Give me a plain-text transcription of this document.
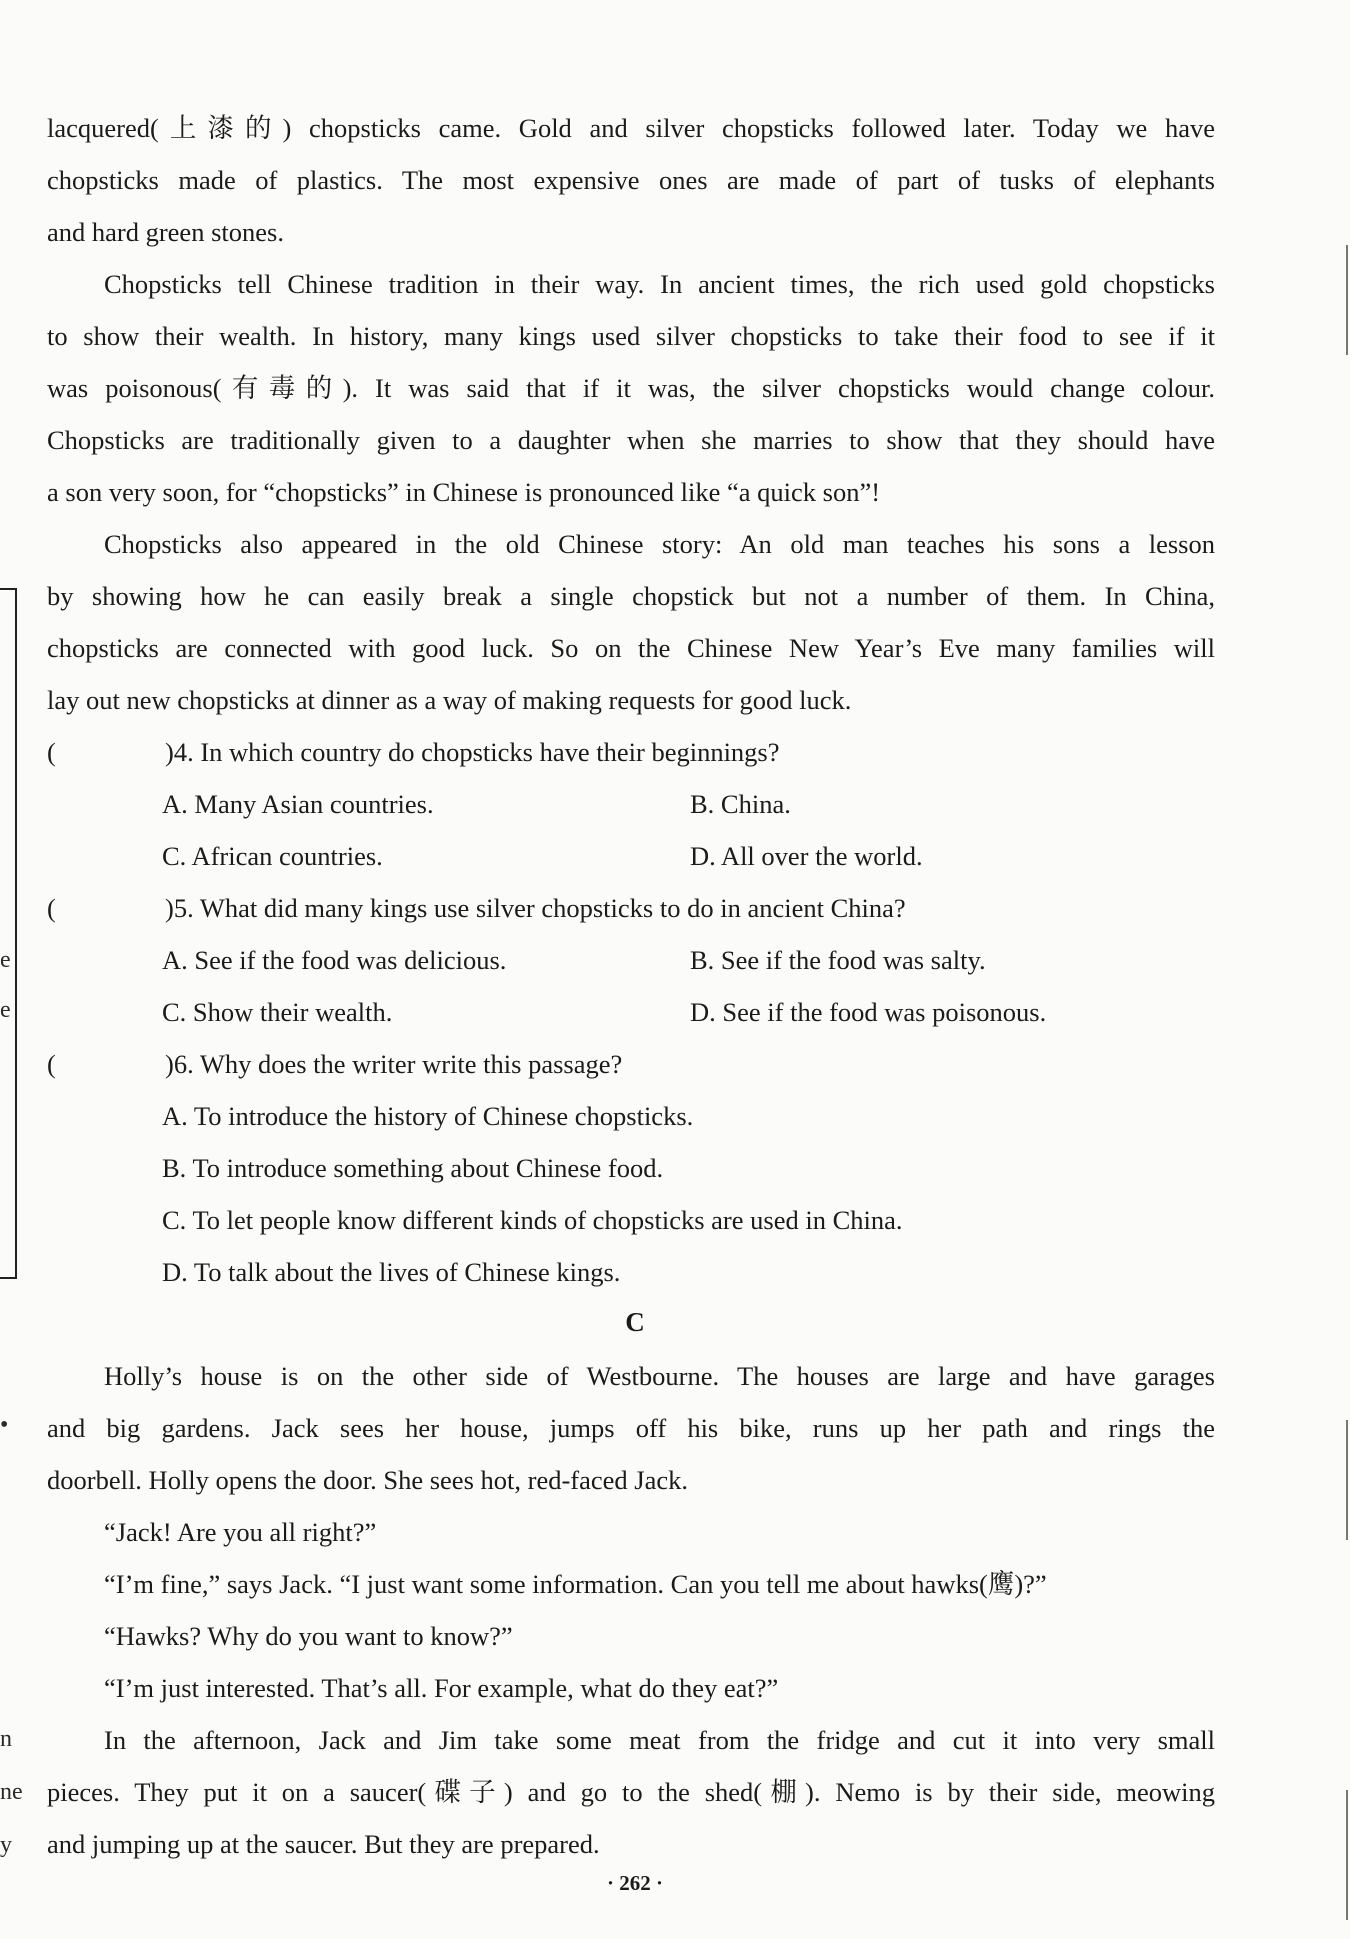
e
e
•
n
ne
y
lacquered(上漆的) chopsticks came. Gold and silver chopsticks followed later. Today we have
chopsticks made of plastics. The most expensive ones are made of part of tusks of elephants
and hard green stones.
Chopsticks tell Chinese tradition in their way. In ancient times, the rich used gold chopsticks
to show their wealth. In history, many kings used silver chopsticks to take their food to see if it
was poisonous(有毒的). It was said that if it was, the silver chopsticks would change colour.
Chopsticks are traditionally given to a daughter when she marries to show that they should have
a son very soon, for “chopsticks” in Chinese is pronounced like “a quick son”!
Chopsticks also appeared in the old Chinese story: An old man teaches his sons a lesson
by showing how he can easily break a single chopstick but not a number of them. In China,
chopsticks are connected with good luck. So on the Chinese New Year’s Eve many families will
lay out new chopsticks at dinner as a way of making requests for good luck.
(	)4. In which country do chopsticks have their beginnings?
A. Many Asian countries.	B. China.
C. African countries.	D. All over the world.
(	)5. What did many kings use silver chopsticks to do in ancient China?
A. See if the food was delicious.	B. See if the food was salty.
C. Show their wealth.	D. See if the food was poisonous.
(	)6. Why does the writer write this passage?
A. To introduce the history of Chinese chopsticks.
B. To introduce something about Chinese food.
C. To let people know different kinds of chopsticks are used in China.
D. To talk about the lives of Chinese kings.
C
Holly’s house is on the other side of Westbourne. The houses are large and have garages
and big gardens. Jack sees her house, jumps off his bike, runs up her path and rings the
doorbell. Holly opens the door. She sees hot, red-faced Jack.
“Jack! Are you all right?”
“I’m fine,” says Jack. “I just want some information. Can you tell me about hawks(鹰)?”
“Hawks? Why do you want to know?”
“I’m just interested. That’s all. For example, what do they eat?”
In the afternoon, Jack and Jim take some meat from the fridge and cut it into very small
pieces. They put it on a saucer(碟子) and go to the shed(棚). Nemo is by their side, meowing
and jumping up at the saucer. But they are prepared.
· 262 ·
